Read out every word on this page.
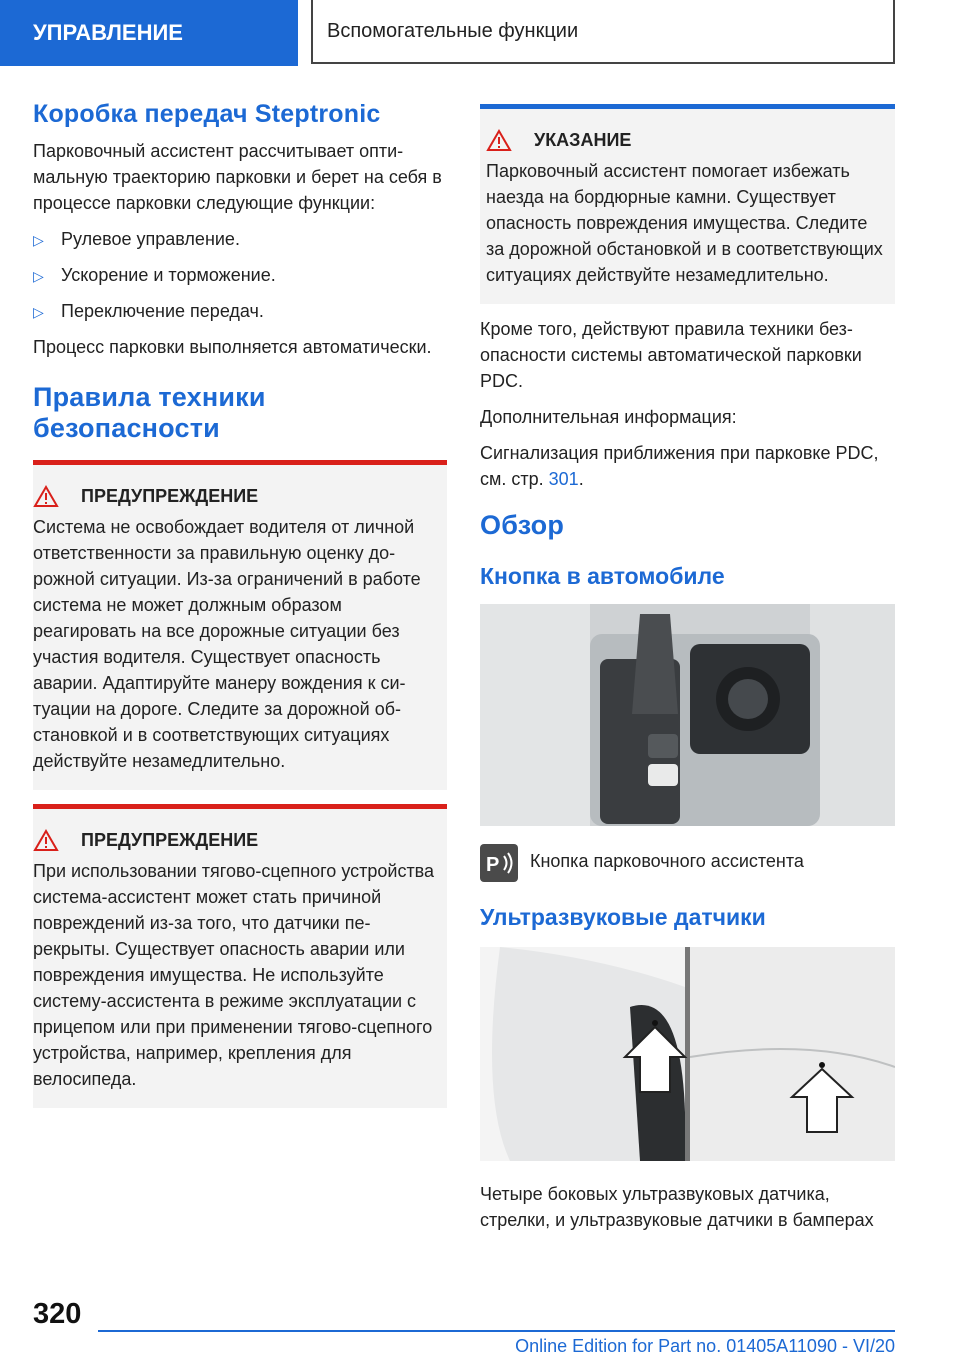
УПРАВЛЕНИЕ	Вспомогательные функции
Коробка передач Steptronic

Парковочный ассистент рассчитывает оптимальную траекторию парковки и берет на себя в процессе парковки следующие функции:

▷ Рулевое управление.
▷ Ускорение и торможение.
▷ Переключение передач.

Процесс парковки выполняется автоматически.

Правила техники безопасности
ПРЕДУПРЕЖДЕНИЕ

Система не освобождает водителя от личной ответственности за правильную оценку дорожной ситуации. Из-за ограничений в работе система не может должным образом реагировать на все дорожные ситуации без участия водителя. Существует опасность аварии. Адаптируйте манеру вождения к ситуации на дороге. Следите за дорожной обстановкой и в соответствующих ситуациях действуйте незамедлительно.

ПРЕДУПРЕЖДЕНИЕ

При использовании тягово-сцепного устройства система-ассистент может стать причиной повреждений из-за того, что датчики перекрыты. Существует опасность аварии или повреждения имущества. Не используйте систему-ассистента в режиме эксплуатации с прицепом или при применении тягово-сцепного устройства, например, крепления для велосипеда.

УКАЗАНИЕ

Парковочный ассистент помогает избежать наезда на бордюрные камни. Существует опасность повреждения имущества. Следите за дорожной обстановкой и в соответствующих ситуациях действуйте незамедлительно.

Кроме того, действуют правила техники безопасности системы автоматической парковки PDC.

Дополнительная информация:

Сигнализация приближения при парковке PDC, см. стр. 301.

Обзор
Кнопка в автомобиле
P Кнопка парковочного ассистента

Ультразвуковые датчики

Четыре боковых ультразвуковых датчика, стрелки, и ультразвуковые датчики в бамперах

320
Online Edition for Part no. 01405A11090 - VI/20
